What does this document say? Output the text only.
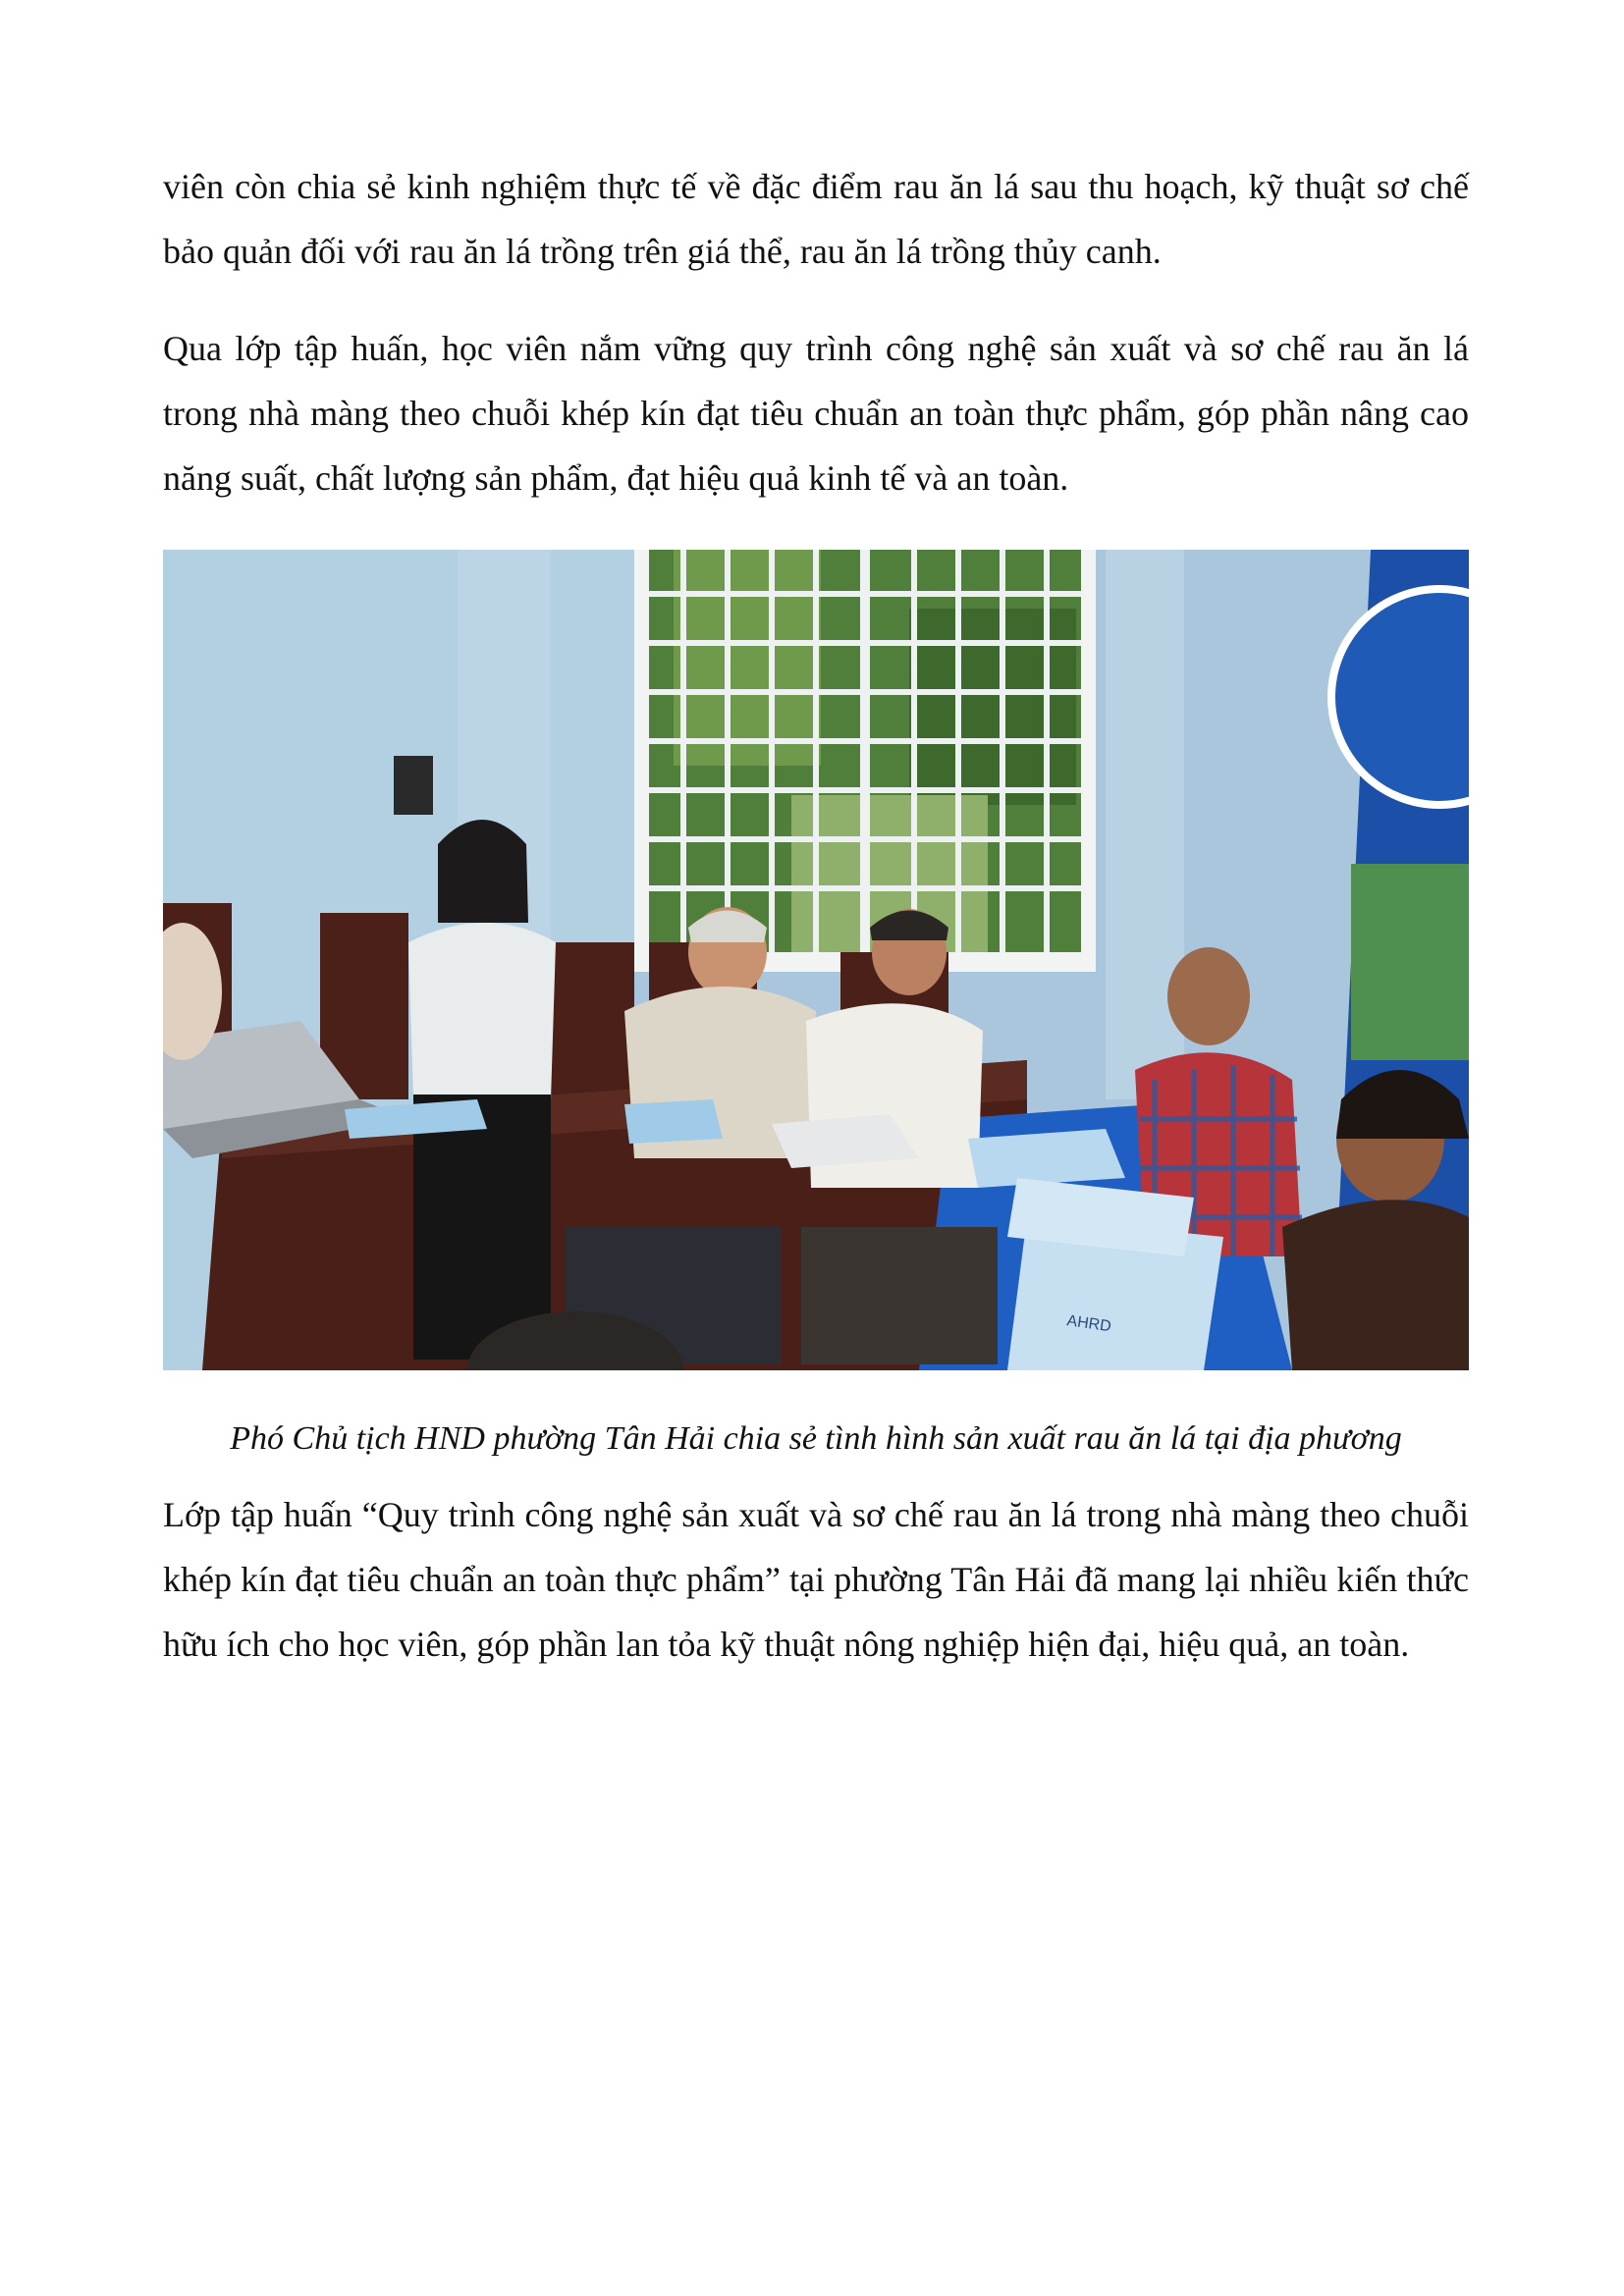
viên còn chia sẻ kinh nghiệm thực tế về đặc điểm rau ăn lá sau thu hoạch, kỹ thuật sơ chế bảo quản đối với rau ăn lá trồng trên giá thể, rau ăn lá trồng thủy canh.

Qua lớp tập huấn, học viên nắm vững quy trình công nghệ sản xuất và sơ chế rau ăn lá trong nhà màng theo chuỗi khép kín đạt tiêu chuẩn an toàn thực phẩm, góp phần nâng cao năng suất, chất lượng sản phẩm, đạt hiệu quả kinh tế và an toàn.

AHRD

Phó Chủ tịch HND phường Tân Hải chia sẻ tình hình sản xuất rau ăn lá tại địa phương

Lớp tập huấn “Quy trình công nghệ sản xuất và sơ chế rau ăn lá trong nhà màng theo chuỗi khép kín đạt tiêu chuẩn an toàn thực phẩm” tại phường Tân Hải đã mang lại nhiều kiến thức hữu ích cho học viên, góp phần lan tỏa kỹ thuật nông nghiệp hiện đại, hiệu quả, an toàn.
